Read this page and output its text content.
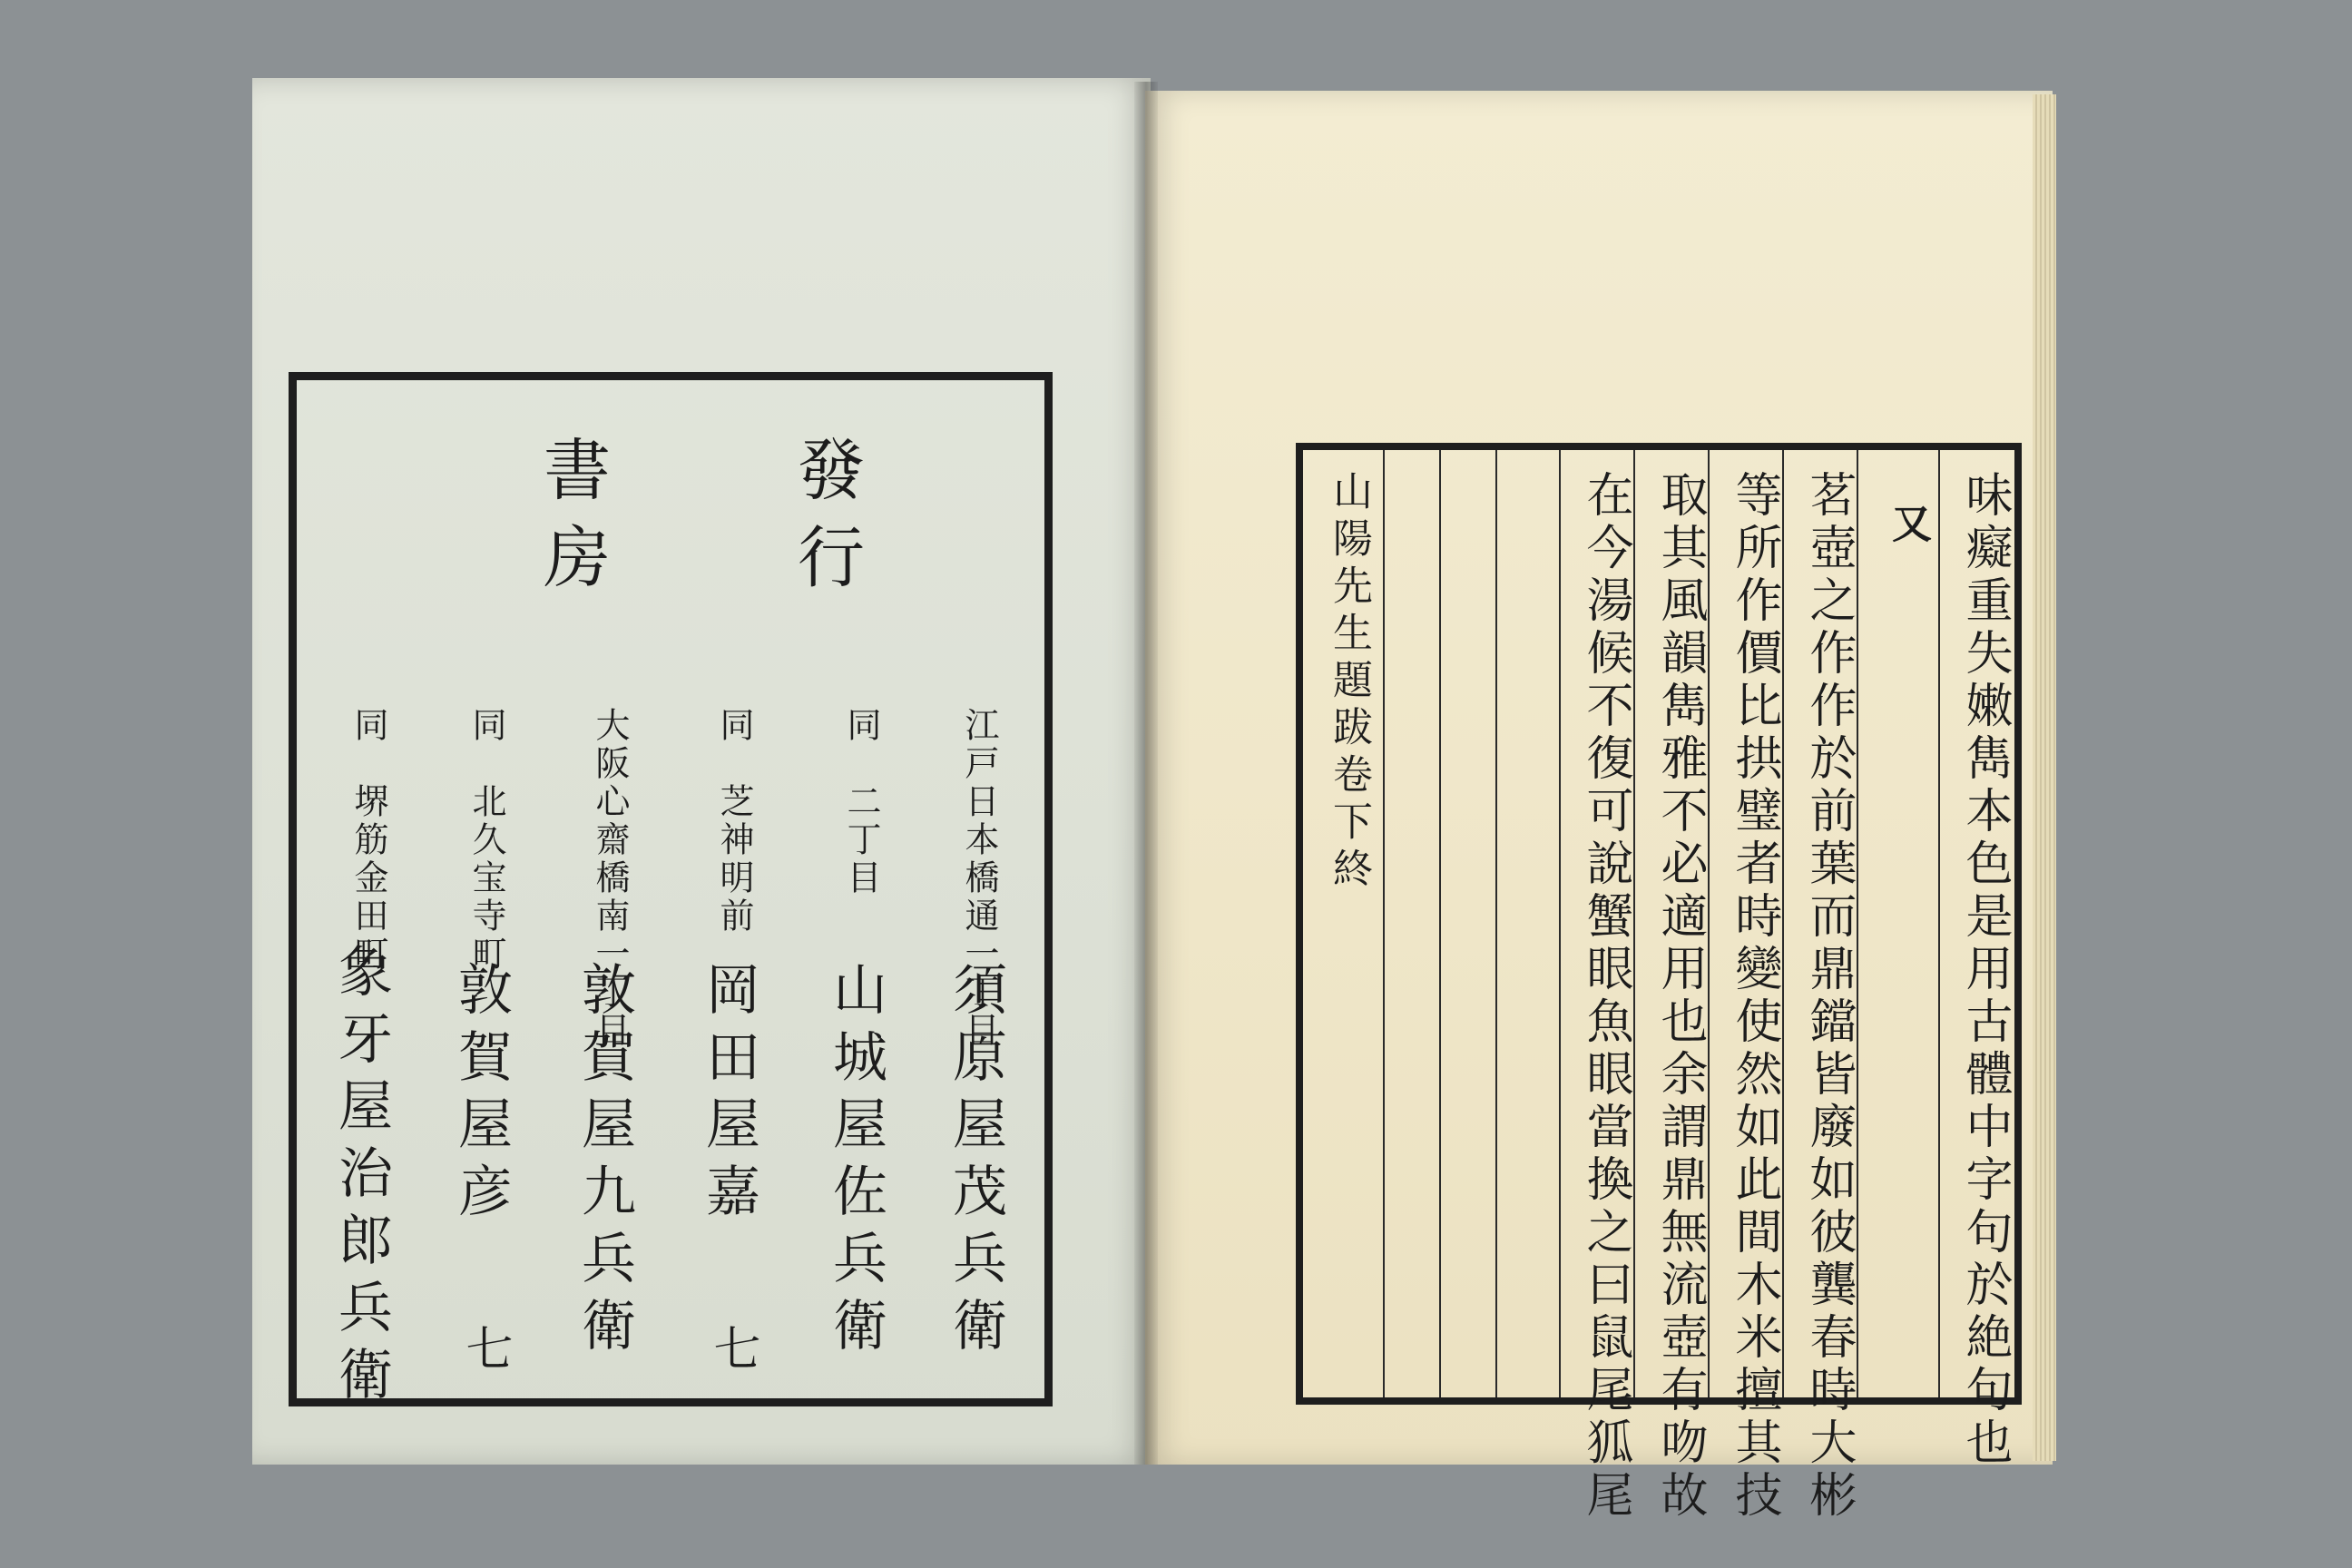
發行
書房
江戸日本橋通一丁目
須原屋茂兵衛
同　二丁目
山城屋佐兵衛
同　芝神明前
岡田屋嘉
七
大阪心齋橋南一丁目
敦賀屋九兵衛
同　北久宝寺町
敦賀屋彦
七
同　堺筋金田町
象牙屋治郎兵衛	味癡重失嫩雋本色是用古體中字句於絶句也
又
茗壺之作作於前葉而鼎鐺皆廢如彼龔春時大彬
等所作價比拱璧者時變使然如此間木米擅其技
取其風韻雋雅不必適用也余謂鼎無流壺有吻故
在今湯候不復可說蟹眼魚眼當換之曰鼠尾狐尾
山陽先生題跋卷下終
